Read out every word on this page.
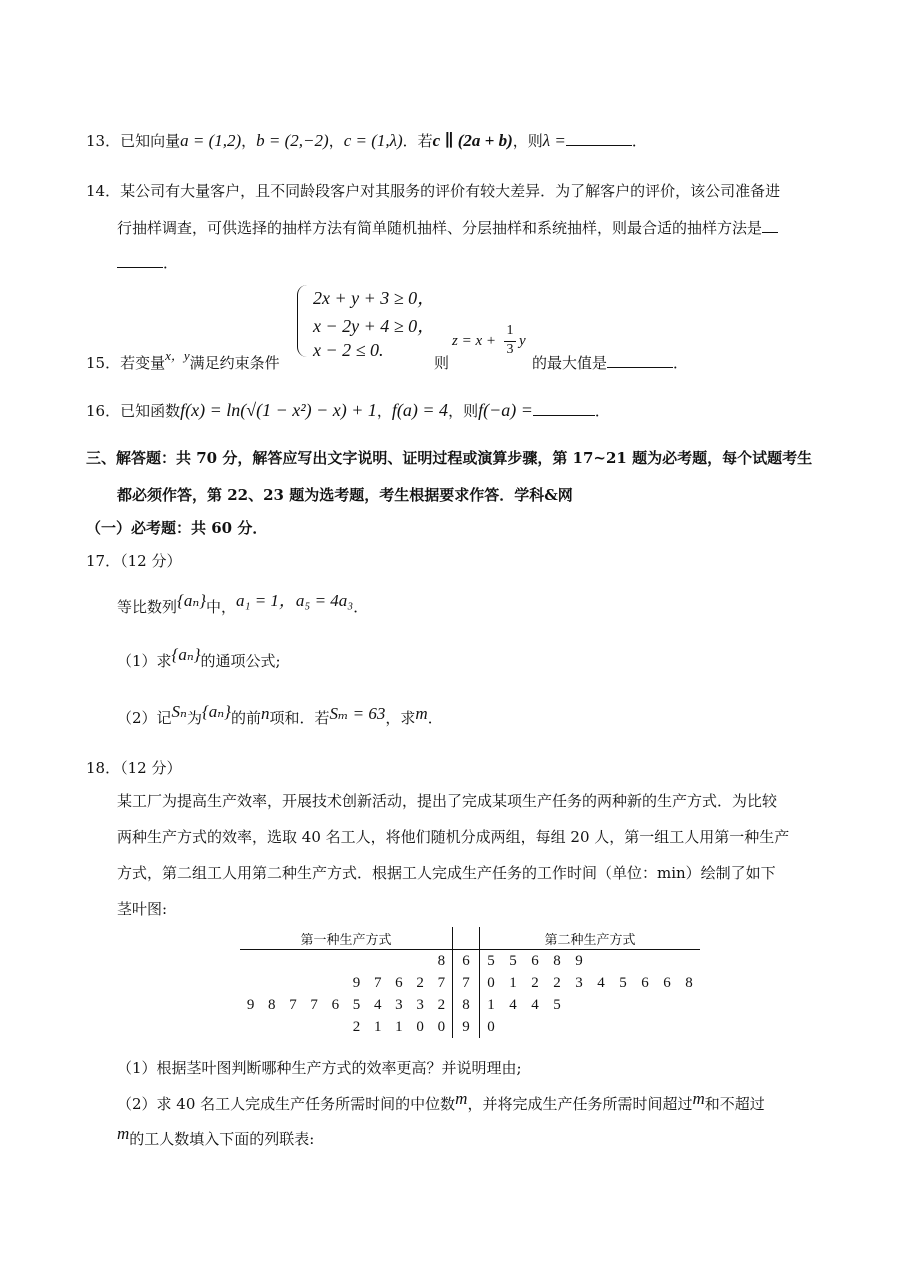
13．已知向量a = (1,2)，b = (2,−2)，c = (1,λ)．若c ∥ (2a + b)，则λ =	．
14．某公司有大量客户，且不同龄段客户对其服务的评价有较大差异．为了解客户的评价，该公司准备进
行抽样调查，可供选择的抽样方法有简单随机抽样、分层抽样和系统抽样，则最合适的抽样方法是
．
2x + y + 3 ≥ 0，
x − 2y + 4 ≥ 0，
x − 2 ≤ 0.
15．若变量x，y满足约束条件	则
z = x +
1
3
y
的最大值是	．
16．已知函数f(x) = ln(√(1 − x²) − x) + 1，f(a) = 4，则f(−a) =	．
三、解答题：共 70 分，解答应写出文字说明、证明过程或演算步骤，第 17~21 题为必考题，每个试题考生
都必须作答，第 22、23 题为选考题，考生根据要求作答．学科&网
（一）必考题：共 60 分．
17．（12 分）
等比数列{aₙ}中，a₁ = 1，a₅ = 4a₃．
（1）求{aₙ}的通项公式;
（2）记Sₙ为{aₙ}的前n项和．若Sₘ = 63，求m．
18．（12 分）
某工厂为提高生产效率，开展技术创新活动，提出了完成某项生产任务的两种新的生产方式．为比较
两种生产方式的效率，选取 40 名工人，将他们随机分成两组，每组 20 人，第一组工人用第一种生产
方式，第二组工人用第二种生产方式．根据工人完成生产任务的工作时间（单位：min）绘制了如下
茎叶图:
第一种生产方式											第二种生产方式									
									8	6	5	5	6	8	9					
					9	7	6	2	7	7	0	1	2	2	3	4	5	6	6	8
9	8	7	7	6	5	4	3	3	2	8	1	4	4	5						
					2	1	1	0	0	9	0									
（1）根据茎叶图判断哪种生产方式的效率更高？并说明理由;
（2）求 40 名工人完成生产任务所需时间的中位数m，并将完成生产任务所需时间超过m和不超过
m的工人数填入下面的列联表:
